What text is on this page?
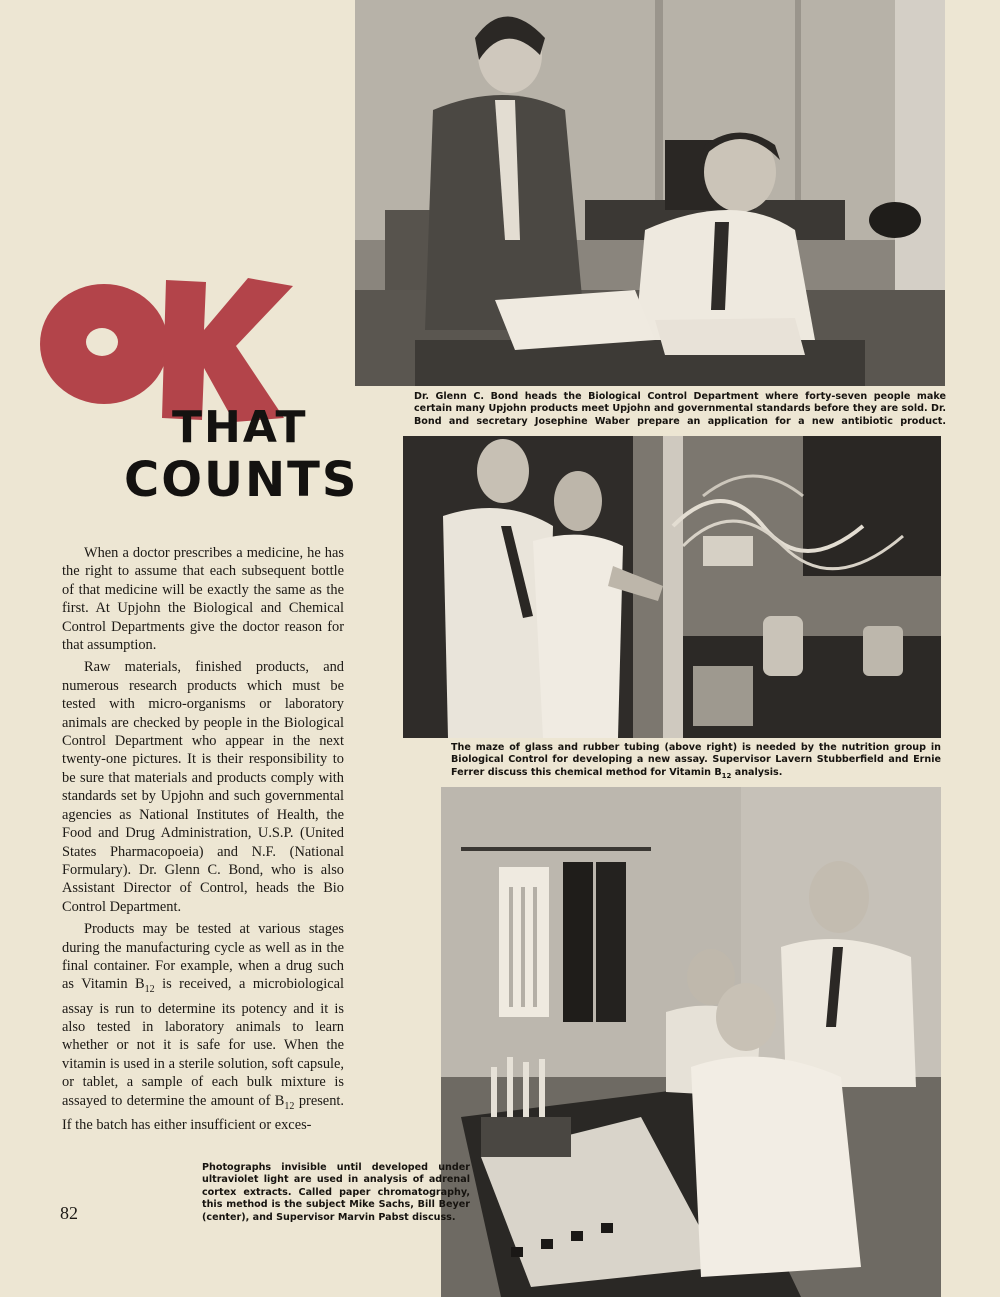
THAT
COUNTS

When a doctor prescribes a medicine, he has the right to assume that each subsequent bottle of that medicine will be exactly the same as the first. At Upjohn the Biological and Chemical Control Departments give the doctor reason for that assumption.

Raw materials, finished products, and numerous research products which must be tested with micro-organisms or laboratory animals are checked by people in the Biological Control Department who appear in the next twenty-one pictures. It is their responsibility to be sure that materials and products comply with standards set by Upjohn and such governmental agencies as National Institutes of Health, the Food and Drug Administration, U.S.P. (United States Pharmacopoeia) and N.F. (National Formulary). Dr. Glenn C. Bond, who is also Assistant Director of Control, heads the Bio Control Department.

Products may be tested at various stages during the manufacturing cycle as well as in the final container. For example, when a drug such as Vitamin $B_{12}$ is received, a microbiological assay is run to determine its potency and it is also tested in laboratory animals to learn whether or not it is safe for use. When the vitamin is used in a sterile solution, soft capsule, or tablet, a sample of each bulk mixture is assayed to determine the amount of $B_{12}$ present. If the batch has either insufficient or exces-

82

Dr. Glenn C. Bond heads the Biological Control Department where forty-seven people make certain many Upjohn products meet Upjohn and governmental standards before they are sold. Dr. Bond and secretary Josephine Waber prepare an application for a new antibiotic product.

The maze of glass and rubber tubing (above right) is needed by the nutrition group in Biological Control for developing a new assay. Supervisor Lavern Stubberfield and Ernie Ferrer discuss this chemical method for Vitamin $B_{12}$ analysis.

Photographs invisible until developed under ultraviolet light are used in analysis of adrenal cortex extracts. Called paper chromatography, this method is the subject Mike Sachs, Bill Beyer (center), and Supervisor Marvin Pabst discuss.
